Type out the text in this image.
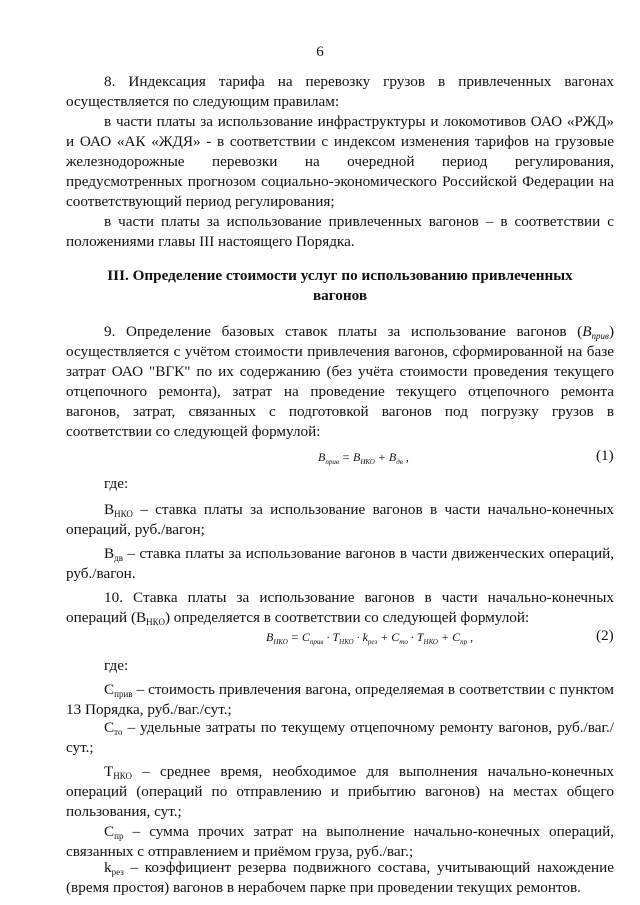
6
8. Индексация тарифа на перевозку грузов в привлеченных вагонах осуществляется по следующим правилам:
в части платы за использование инфраструктуры и локомотивов ОАО «РЖД» и ОАО «АК «ЖДЯ» - в соответствии с индексом изменения тарифов на грузовые железнодорожные перевозки на очередной период регулирования, предусмотренных прогнозом социально-экономического Российской Федерации на соответствующий период регулирования;
в части платы за использование привлеченных вагонов – в соответствии с положениями главы III настоящего Порядка.
III. Определение стоимости услуг по использованию привлеченных вагонов
9. Определение базовых ставок платы за использование вагонов $(В_{прив})$ осуществляется с учётом стоимости привлечения вагонов, сформированной на базе затрат ОАО "ВГК" по их содержанию (без учёта стоимости проведения текущего отцепочного ремонта), затрат на проведение текущего отцепочного ремонта вагонов, затрат, связанных с подготовкой вагонов под погрузку грузов в соответствии со следующей формулой:
$B_{прив} = B_{НКО} + B_{дв}$ ,	(1)
где:
$В_{НКО}$ – ставка платы за использование вагонов в части начально-конечных операций, руб./вагон;
$В_{дв}$ – ставка платы за использование вагонов в части движенческих операций, руб./вагон.
10. Ставка платы за использование вагонов в части начально-конечных операций $(В_{НКО})$ определяется в соответствии со следующей формулой:
$B_{НКО} = C_{прив} \cdot T_{НКО} \cdot k_{рез} + C_{то} \cdot T_{НКО} + C_{пр}$ ,	(2)
где:
$С_{прив}$ – стоимость привлечения вагона, определяемая в соответствии с пунктом 13 Порядка, руб./ваг./сут.;
$С_{то}$ – удельные затраты по текущему отцепочному ремонту вагонов, руб./ваг./сут.;
$Т_{НКО}$ – среднее время, необходимое для выполнения начально-конечных операций (операций по отправлению и прибытию вагонов) на местах общего пользования, сут.;
$С_{пр}$ – сумма прочих затрат на выполнение начально-конечных операций, связанных с отправлением и приёмом груза, руб./ваг.;
$k_{рез}$ – коэффициент резерва подвижного состава, учитывающий нахождение (время простоя) вагонов в нерабочем парке при проведении текущих ремонтов.
